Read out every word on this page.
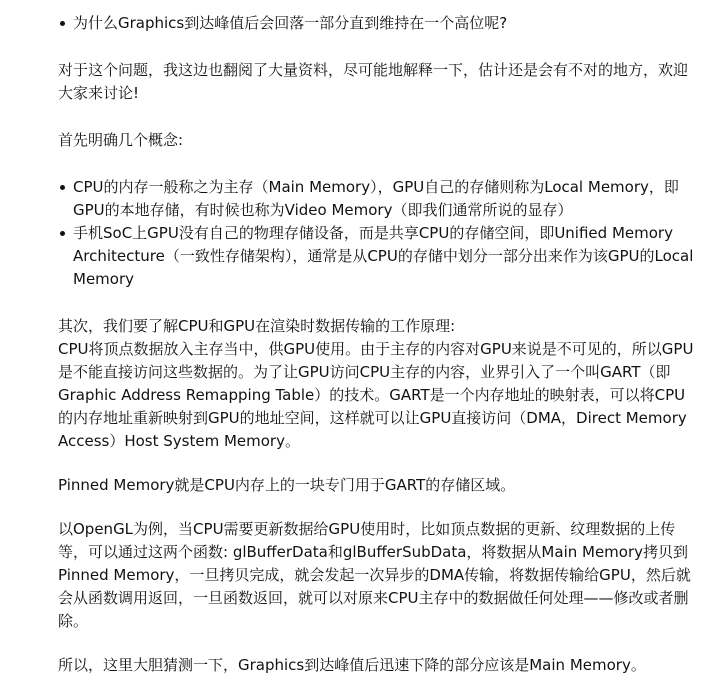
为什么Graphics到达峰值后会回落一部分直到维持在一个高位呢?

对于这个问题，我这边也翻阅了大量资料，尽可能地解释一下，估计还是会有不对的地方，欢迎大家来讨论!

首先明确几个概念:

CPU的内存一般称之为主存（Main Memory），GPU自己的存储则称为Local Memory，即GPU的本地存储，有时候也称为Video Memory（即我们通常所说的显存）
手机SoC上GPU没有自己的物理存储设备，而是共享CPU的存储空间，即Unified Memory Architecture（一致性存储架构），通常是从CPU的存储中划分一部分出来作为该GPU的Local Memory

其次，我们要了解CPU和GPU在渲染时数据传输的工作原理:

CPU将顶点数据放入主存当中，供GPU使用。由于主存的内容对GPU来说是不可见的，所以GPU是不能直接访问这些数据的。为了让GPU访问CPU主存的内容，业界引入了一个叫GART（即Graphic Address Remapping Table）的技术。GART是一个内存地址的映射表，可以将CPU的内存地址重新映射到GPU的地址空间，这样就可以让GPU直接访问（DMA，Direct Memory Access）Host System Memory。

Pinned Memory就是CPU内存上的一块专门用于GART的存储区域。

以OpenGL为例，当CPU需要更新数据给GPU使用时，比如顶点数据的更新、纹理数据的上传等，可以通过这两个函数: glBufferData和glBufferSubData，将数据从Main Memory拷贝到Pinned Memory，一旦拷贝完成，就会发起一次异步的DMA传输，将数据传输给GPU，然后就会从函数调用返回，一旦函数返回，就可以对原来CPU主存中的数据做任何处理——修改或者删除。

所以，这里大胆猜测一下，Graphics到达峰值后迅速下降的部分应该是Main Memory。
